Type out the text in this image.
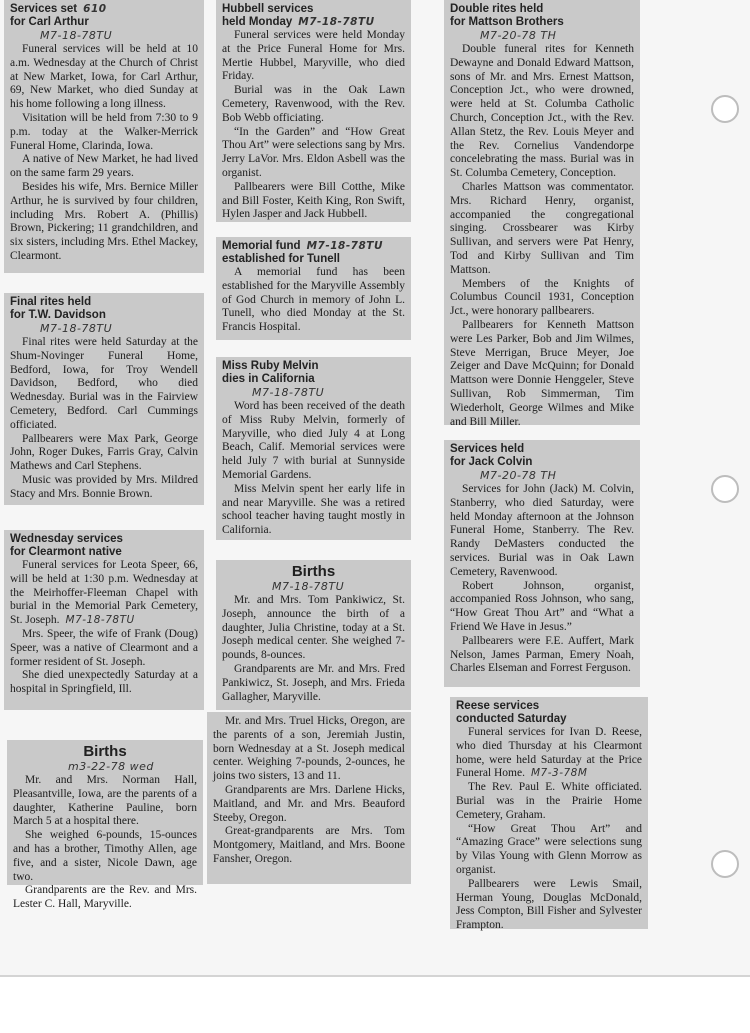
Services set 610
for Carl Arthur
M7-18-78TU

Funeral services will be held at 10 a.m. Wednesday at the Church of Christ at New Market, Iowa, for Carl Arthur, 69, New Market, who died Sunday at his home following a long illness.

Visitation will be held from 7:30 to 9 p.m. today at the Walker-Merrick Funeral Home, Clarinda, Iowa.

A native of New Market, he had lived on the same farm 29 years.

Besides his wife, Mrs. Bernice Miller Arthur, he is survived by four children, including Mrs. Robert A. (Phillis) Brown, Pickering; 11 grandchildren, and six sisters, including Mrs. Ethel Mackey, Clearmont.

Final rites held
for T.W. Davidson
M7-18-78TU

Final rites were held Saturday at the Shum-Novinger Funeral Home, Bedford, Iowa, for Troy Wendell Davidson, Bedford, who died Wednesday. Burial was in the Fairview Cemetery, Bedford. Carl Cummings officiated.

Pallbearers were Max Park, George John, Roger Dukes, Farris Gray, Calvin Mathews and Carl Stephens.

Music was provided by Mrs. Mildred Stacy and Mrs. Bonnie Brown.

Wednesday services
for Clearmont native

Funeral services for Leota Speer, 66, will be held at 1:30 p.m. Wednesday at the Meirhoffer-Fleeman Chapel with burial in the Memorial Park Cemetery, St. Joseph. M7-18-78TU

Mrs. Speer, the wife of Frank (Doug) Speer, was a native of Clearmont and a former resident of St. Joseph.

She died unexpectedly Saturday at a hospital in Springfield, Ill.

Births
m3-22-78 wed

Mr. and Mrs. Norman Hall, Pleasantville, Iowa, are the parents of a daughter, Katherine Pauline, born March 5 at a hospital there.

She weighed 6-pounds, 15-ounces and has a brother, Timothy Allen, age five, and a sister, Nicole Dawn, age two.

Grandparents are the Rev. and Mrs. Lester C. Hall, Maryville.

Hubbell services
held Monday M7-18-78TU

Funeral services were held Monday at the Price Funeral Home for Mrs. Mertie Hubbel, Maryville, who died Friday.

Burial was in the Oak Lawn Cemetery, Ravenwood, with the Rev. Bob Webb officiating.

“In the Garden” and “How Great Thou Art” were selections sang by Mrs. Jerry LaVor. Mrs. Eldon Asbell was the organist.

Pallbearers were Bill Cotthe, Mike and Bill Foster, Keith King, Ron Swift, Hylen Jasper and Jack Hubbell.

Memorial fund M7-18-78TU
established for Tunell

A memorial fund has been established for the Maryville Assembly of God Church in memory of John L. Tunell, who died Monday at the St. Francis Hospital.

Miss Ruby Melvin
dies in California
M7-18-78TU

Word has been received of the death of Miss Ruby Melvin, formerly of Maryville, who died July 4 at Long Beach, Calif. Memorial services were held July 7 with burial at Sunnyside Memorial Gardens.

Miss Melvin spent her early life in and near Maryville. She was a retired school teacher having taught mostly in California.

Births
M7-18-78TU

Mr. and Mrs. Tom Pankiwicz, St. Joseph, announce the birth of a daughter, Julia Christine, today at a St. Joseph medical center. She weighed 7-pounds, 8-ounces.

Grandparents are Mr. and Mrs. Fred Pankiwicz, St. Joseph, and Mrs. Frieda Gallagher, Maryville.

Mr. and Mrs. Truel Hicks, Oregon, are the parents of a son, Jeremiah Justin, born Wednesday at a St. Joseph medical center. Weighing 7-pounds, 2-ounces, he joins two sisters, 13 and 11.

Grandparents are Mrs. Darlene Hicks, Maitland, and Mr. and Mrs. Beauford Steeby, Oregon.

Great-grandparents are Mrs. Tom Montgomery, Maitland, and Mrs. Boone Fansher, Oregon.

Double rites held
for Mattson Brothers
M7-20-78 TH

Double funeral rites for Kenneth Dewayne and Donald Edward Mattson, sons of Mr. and Mrs. Ernest Mattson, Conception Jct., who were drowned, were held at St. Columba Catholic Church, Conception Jct., with the Rev. Allan Stetz, the Rev. Louis Meyer and the Rev. Cornelius Vandendorpe concelebrating the mass. Burial was in St. Columba Cemetery, Conception.

Charles Mattson was commentator. Mrs. Richard Henry, organist, accompanied the congregational singing. Crossbearer was Kirby Sullivan, and servers were Pat Henry, Tod and Kirby Sullivan and Tim Mattson.

Members of the Knights of Columbus Council 1931, Conception Jct., were honorary pallbearers.

Pallbearers for Kenneth Mattson were Les Parker, Bob and Jim Wilmes, Steve Merrigan, Bruce Meyer, Joe Zeiger and Dave McQuinn; for Donald Mattson were Donnie Henggeler, Steve Sullivan, Rob Simmerman, Tim Wiederholt, George Wilmes and Mike and Bill Miller.

Services held
for Jack Colvin
M7-20-78 TH

Services for John (Jack) M. Colvin, Stanberry, who died Saturday, were held Monday afternoon at the Johnson Funeral Home, Stanberry. The Rev. Randy DeMasters conducted the services. Burial was in Oak Lawn Cemetery, Ravenwood.

Robert Johnson, organist, accompanied Ross Johnson, who sang, “How Great Thou Art” and “What a Friend We Have in Jesus.”

Pallbearers were F.E. Auffert, Mark Nelson, James Parman, Emery Noah, Charles Elseman and Forrest Ferguson.

Reese services
conducted Saturday

Funeral services for Ivan D. Reese, who died Thursday at his Clearmont home, were held Saturday at the Price Funeral Home. M7-3-78M

The Rev. Paul E. White officiated. Burial was in the Prairie Home Cemetery, Graham.

“How Great Thou Art” and “Amazing Grace” were selections sung by Vilas Young with Glenn Morrow as organist.

Pallbearers were Lewis Smail, Herman Young, Douglas McDonald, Jess Compton, Bill Fisher and Sylvester Frampton.
